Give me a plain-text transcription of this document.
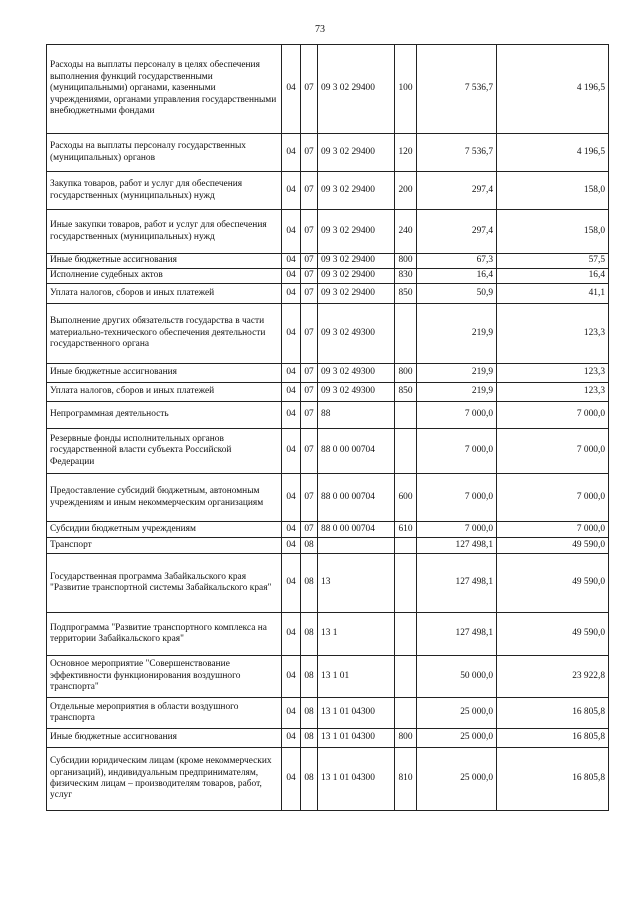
73
Расходы на выплаты персоналу в целях обеспечения выполнения функций государственными (муниципальными) органами, казенными учреждениями, органами управления государственными внебюджетными фондами	04	07	09 3 02 29400	100	7 536,7	4 196,5
Расходы на выплаты персоналу государственных (муниципальных) органов	04	07	09 3 02 29400	120	7 536,7	4 196,5
Закупка товаров, работ и услуг для обеспечения государственных (муниципальных) нужд	04	07	09 3 02 29400	200	297,4	158,0
Иные закупки товаров, работ и услуг для обеспечения государственных (муниципальных) нужд	04	07	09 3 02 29400	240	297,4	158,0
Иные бюджетные ассигнования	04	07	09 3 02 29400	800	67,3	57,5
Исполнение судебных актов	04	07	09 3 02 29400	830	16,4	16,4
Уплата налогов, сборов и иных платежей	04	07	09 3 02 29400	850	50,9	41,1
Выполнение других обязательств государства в части материально-технического обеспечения деятельности государственного органа	04	07	09 3 02 49300		219,9	123,3
Иные бюджетные ассигнования	04	07	09 3 02 49300	800	219,9	123,3
Уплата налогов, сборов и иных платежей	04	07	09 3 02 49300	850	219,9	123,3
Непрограммная деятельность	04	07	88		7 000,0	7 000,0
Резервные фонды исполнительных органов государственной власти субъекта Российской Федерации	04	07	88 0 00 00704		7 000,0	7 000,0
Предоставление субсидий бюджетным, автономным учреждениям и иным некоммерческим организациям	04	07	88 0 00 00704	600	7 000,0	7 000,0
Субсидии бюджетным учреждениям	04	07	88 0 00 00704	610	7 000,0	7 000,0
Транспорт	04	08			127 498,1	49 590,0
Государственная программа Забайкальского края "Развитие транспортной системы Забайкальского края"	04	08	13		127 498,1	49 590,0
Подпрограмма "Развитие транспортного комплекса на территории Забайкальского края"	04	08	13 1		127 498,1	49 590,0
Основное мероприятие "Совершенствование эффективности функционирования воздушного транспорта"	04	08	13 1 01		50 000,0	23 922,8
Отдельные мероприятия в области воздушного транспорта	04	08	13 1 01 04300		25 000,0	16 805,8
Иные бюджетные ассигнования	04	08	13 1 01 04300	800	25 000,0	16 805,8
Субсидии юридическим лицам (кроме некоммерческих организаций), индивидуальным предпринимателям, физическим лицам – производителям товаров, работ, услуг	04	08	13 1 01 04300	810	25 000,0	16 805,8
